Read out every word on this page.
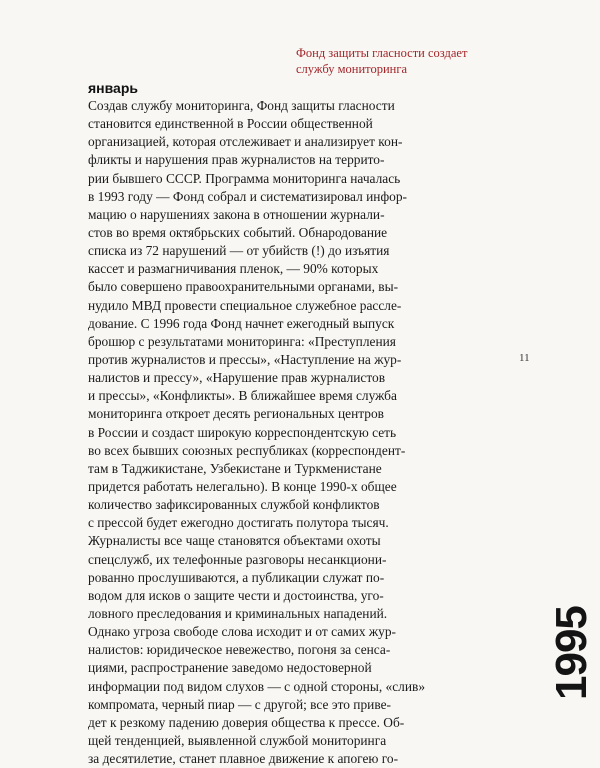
Фонд защиты гласности создает
службу мониторинга
январь
Создав службу мониторинга, Фонд защиты гласности
становится единственной в России общественной
организацией, которая отслеживает и анализирует кон-
фликты и нарушения прав журналистов на террито-
рии бывшего СССР. Программа мониторинга началась
в 1993 году — Фонд собрал и систематизировал инфор-
мацию о нарушениях закона в отношении журнали-
стов во время октябрьских событий. Обнародование
списка из 72 нарушений — от убийств (!) до изъятия
кассет и размагничивания пленок, — 90% которых
было совершено правоохранительными органами, вы-
нудило МВД провести специальное служебное рассле-
дование. С 1996 года Фонд начнет ежегодный выпуск
брошюр с результатами мониторинга: «Преступления
против журналистов и прессы», «Наступление на жур-
налистов и прессу», «Нарушение прав журналистов
и прессы», «Конфликты». В ближайшее время служба
мониторинга откроет десять региональных центров
в России и создаст широкую корреспондентскую сеть
во всех бывших союзных республиках (корреспондент-
там в Таджикистане, Узбекистане и Туркменистане
придется работать нелегально). В конце 1990-х общее
количество зафиксированных службой конфликтов
с прессой будет ежегодно достигать полутора тысяч.
Журналисты все чаще становятся объектами охоты
спецслужб, их телефонные разговоры несанкциони-
рованно прослушиваются, а публикации служат по-
водом для исков о защите чести и достоинства, уго-
ловного преследования и криминальных нападений.
Однако угроза свободе слова исходит и от самих жур-
налистов: юридическое невежество, погоня за сенса-
циями, распространение заведомо недостоверной
информации под видом слухов — с одной стороны, «слив»
компромата, черный пиар — с другой; все это приве-
дет к резкому падению доверия общества к прессе. Об-
щей тенденцией, выявленной службой мониторинга
за десятилетие, станет плавное движение к апогею го-
11
1995
